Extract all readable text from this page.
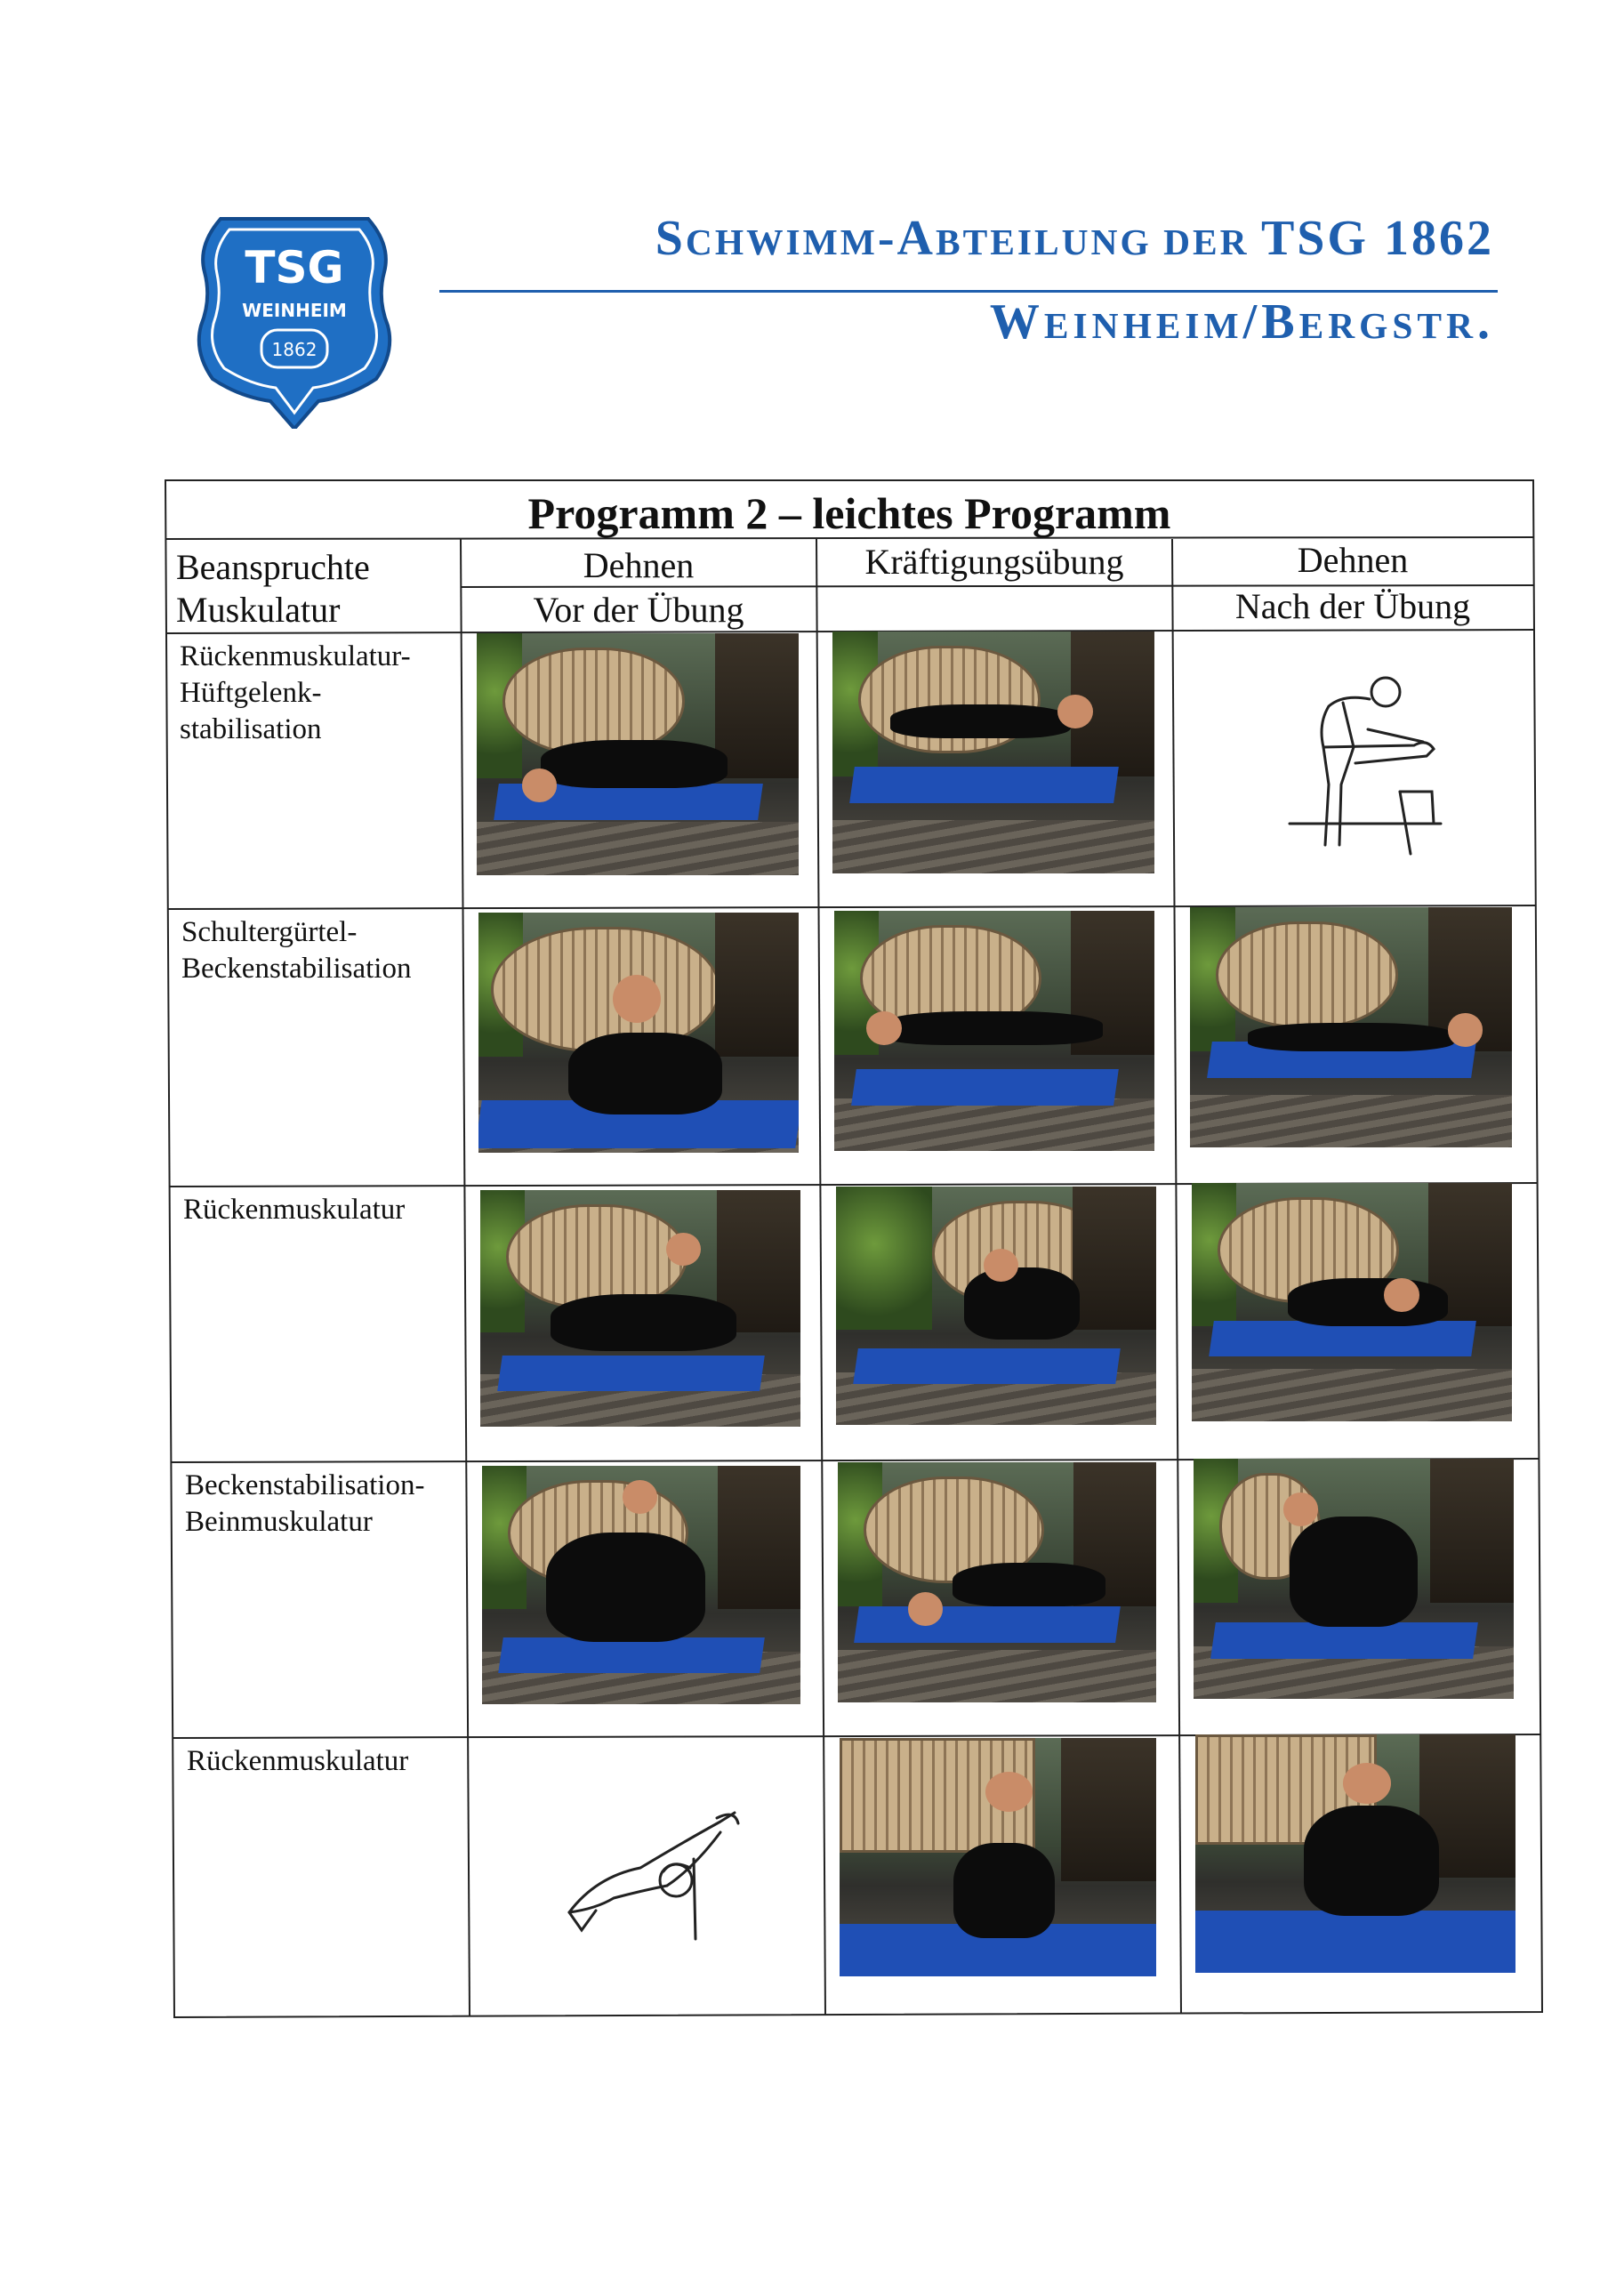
TSG
WEINHEIM
1862
SCHWIMM-ABTEILUNG DER TSG 1862
WEINHEIM/BERGSTR.
Programm 2 – leichtes Programm
Beanspruchte
Muskulatur
Dehnen
Vor der Übung
Kräftigungsübung	Dehnen
Nach der Übung
Rückenmuskulatur-
Hüftgelenk-
stabilisation
Schultergürtel-
Beckenstabilisation
Rückenmuskulatur
Beckenstabilisation-
Beinmuskulatur
Rückenmuskulatur
